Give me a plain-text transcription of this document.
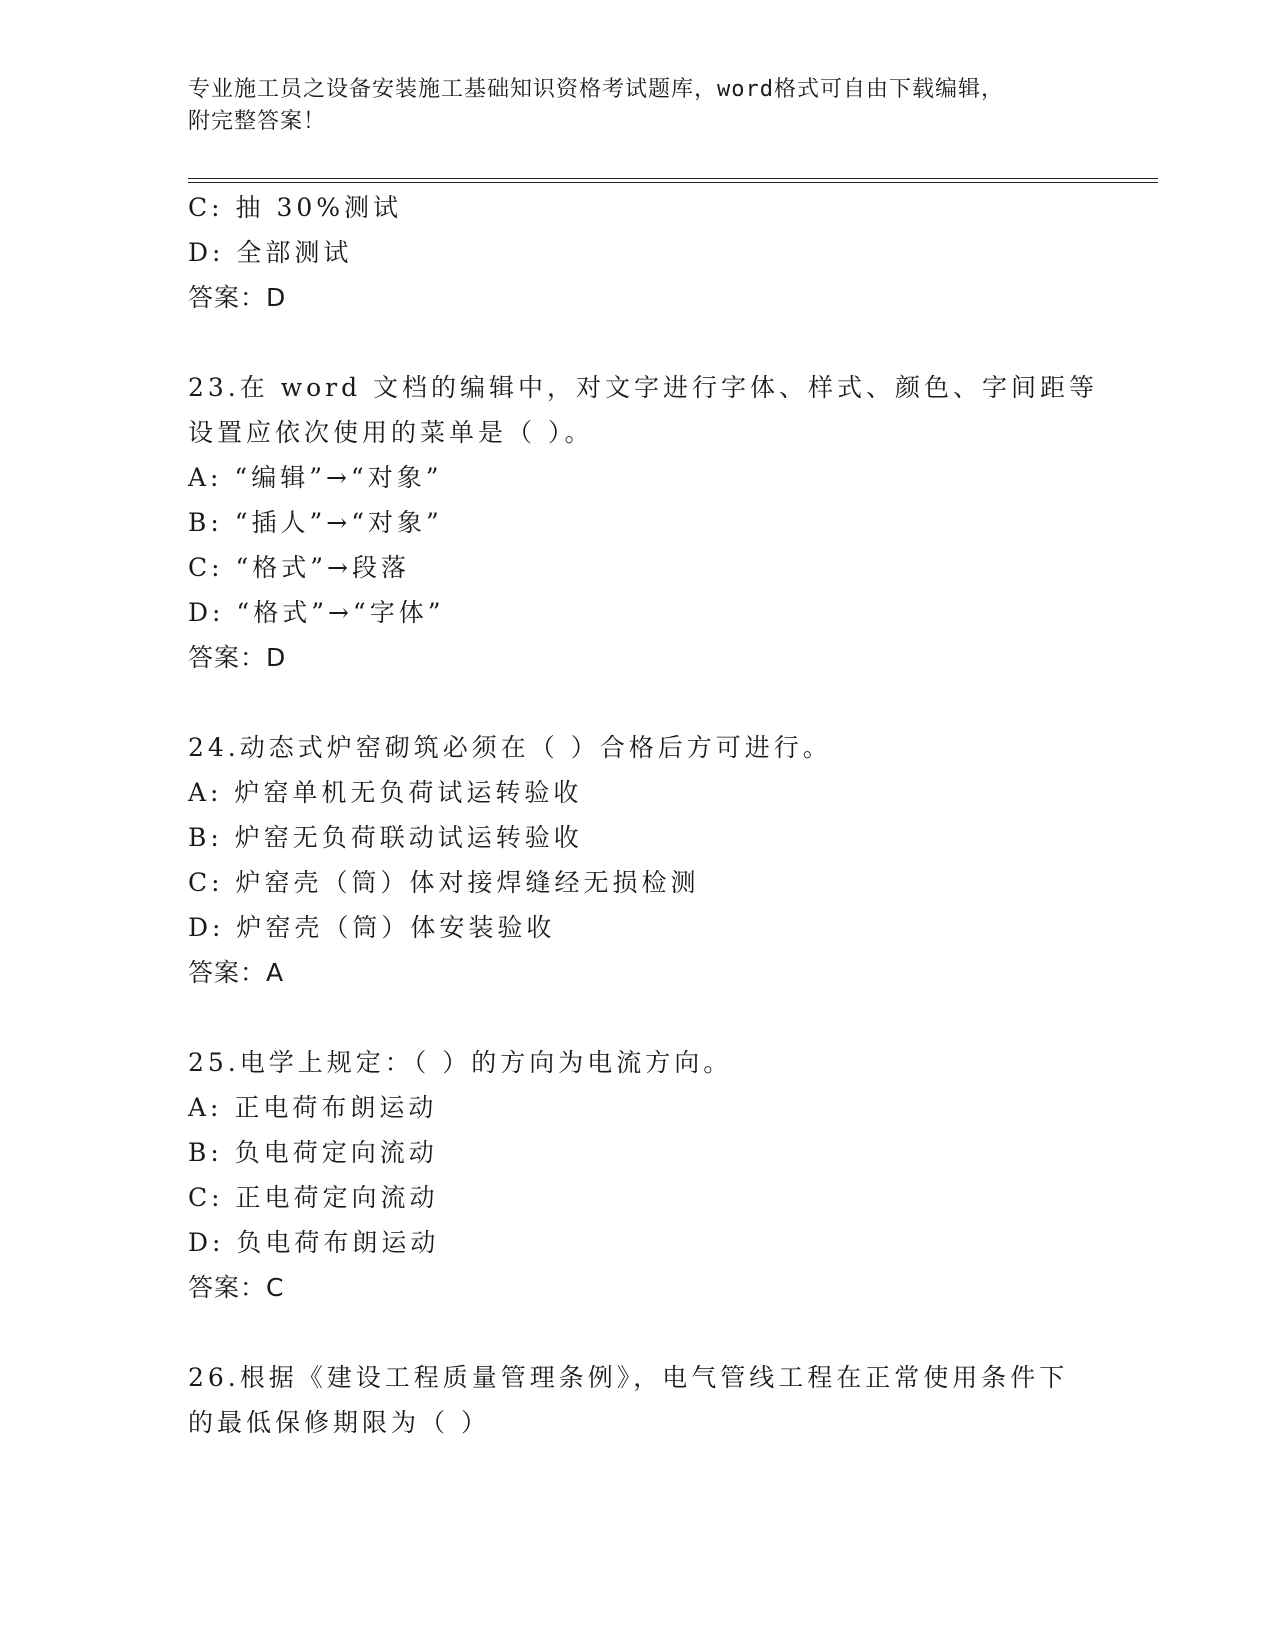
专业施工员之设备安装施工基础知识资格考试题库，word格式可自由下载编辑，
附完整答案！
C: 抽 30%测试
D: 全部测试
答案：D
23.在 word 文档的编辑中，对文字进行字体、样式、颜色、字间距等
设置应依次使用的菜单是（ ）。
A: “编辑”→“对象”
B: “插人”→“对象”
C: “格式”→段落
D: “格式”→“字体”
答案：D
24.动态式炉窑砌筑必须在（ ）合格后方可进行。
A: 炉窑单机无负荷试运转验收
B: 炉窑无负荷联动试运转验收
C: 炉窑壳（筒）体对接焊缝经无损检测
D: 炉窑壳（筒）体安装验收
答案：A
25.电学上规定：（ ）的方向为电流方向。
A: 正电荷布朗运动
B: 负电荷定向流动
C: 正电荷定向流动
D: 负电荷布朗运动
答案：C
26.根据《建设工程质量管理条例》，电气管线工程在正常使用条件下
的最低保修期限为（ ）
